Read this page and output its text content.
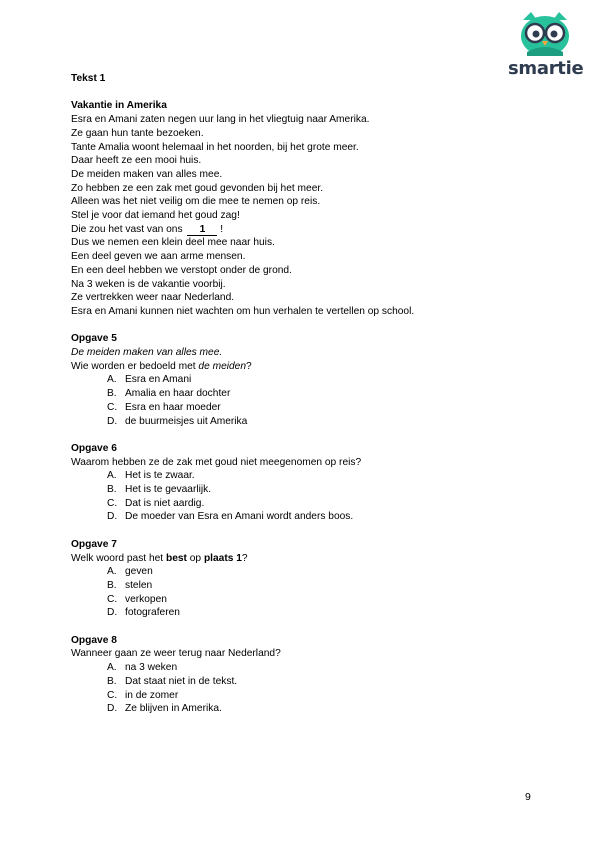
smartie
Tekst 1
Vakantie in Amerika
Esra en Amani zaten negen uur lang in het vliegtuig naar Amerika.
Ze gaan hun tante bezoeken.
Tante Amalia woont helemaal in het noorden, bij het grote meer.
Daar heeft ze een mooi huis.
De meiden maken van alles mee.
Zo hebben ze een zak met goud gevonden bij het meer.
Alleen was het niet veilig om die mee te nemen op reis.
Stel je voor dat iemand het goud zag!
Die zou het vast van ons 1 !
Dus we nemen een klein deel mee naar huis.
Een deel geven we aan arme mensen.
En een deel hebben we verstopt onder de grond.
Na 3 weken is de vakantie voorbij.
Ze vertrekken weer naar Nederland.
Esra en Amani kunnen niet wachten om hun verhalen te vertellen op school.
Opgave 5
De meiden maken van alles mee.
Wie worden er bedoeld met de meiden?
A. Esra en Amani
B. Amalia en haar dochter
C. Esra en haar moeder
D. de buurmeisjes uit Amerika
Opgave 6
Waarom hebben ze de zak met goud niet meegenomen op reis?
A. Het is te zwaar.
B. Het is te gevaarlijk.
C. Dat is niet aardig.
D. De moeder van Esra en Amani wordt anders boos.
Opgave 7
Welk woord past het best op plaats 1?
A. geven
B. stelen
C. verkopen
D. fotograferen
Opgave 8
Wanneer gaan ze weer terug naar Nederland?
A. na 3 weken
B. Dat staat niet in de tekst.
C. in de zomer
D. Ze blijven in Amerika.
9
